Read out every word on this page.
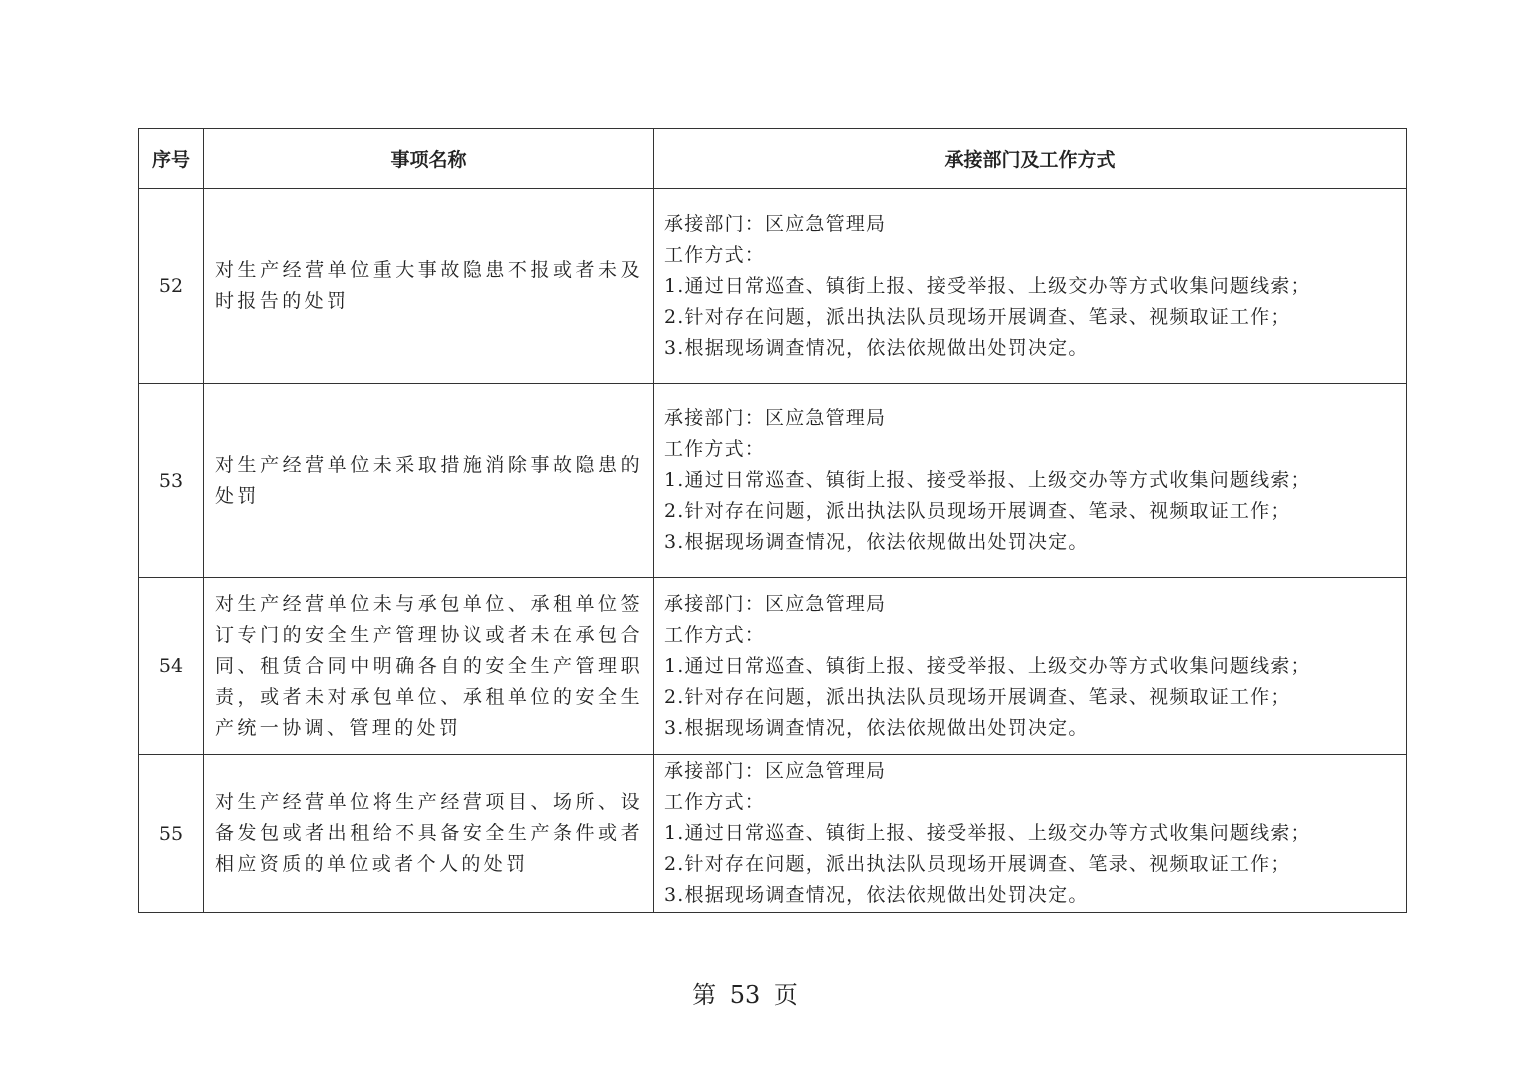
序号	事项名称	承接部门及工作方式
52	对生产经营单位重大事故隐患不报或者未及时报告的处罚	承接部门：区应急管理局
工作方式：
1.通过日常巡查、镇街上报、接受举报、上级交办等方式收集问题线索；
2.针对存在问题，派出执法队员现场开展调查、笔录、视频取证工作；
3.根据现场调查情况，依法依规做出处罚决定。

53	对生产经营单位未采取措施消除事故隐患的处罚	承接部门：区应急管理局
工作方式：
1.通过日常巡查、镇街上报、接受举报、上级交办等方式收集问题线索；
2.针对存在问题，派出执法队员现场开展调查、笔录、视频取证工作；
3.根据现场调查情况，依法依规做出处罚决定。

54	对生产经营单位未与承包单位、承租单位签订专门的安全生产管理协议或者未在承包合同、租赁合同中明确各自的安全生产管理职责，或者未对承包单位、承租单位的安全生产统一协调、管理的处罚	承接部门：区应急管理局
工作方式：
1.通过日常巡查、镇街上报、接受举报、上级交办等方式收集问题线索；
2.针对存在问题，派出执法队员现场开展调查、笔录、视频取证工作；
3.根据现场调查情况，依法依规做出处罚决定。

55	对生产经营单位将生产经营项目、场所、设备发包或者出租给不具备安全生产条件或者相应资质的单位或者个人的处罚	承接部门：区应急管理局
工作方式：
1.通过日常巡查、镇街上报、接受举报、上级交办等方式收集问题线索；
2.针对存在问题，派出执法队员现场开展调查、笔录、视频取证工作；
3.根据现场调查情况，依法依规做出处罚决定。
第 53 页
